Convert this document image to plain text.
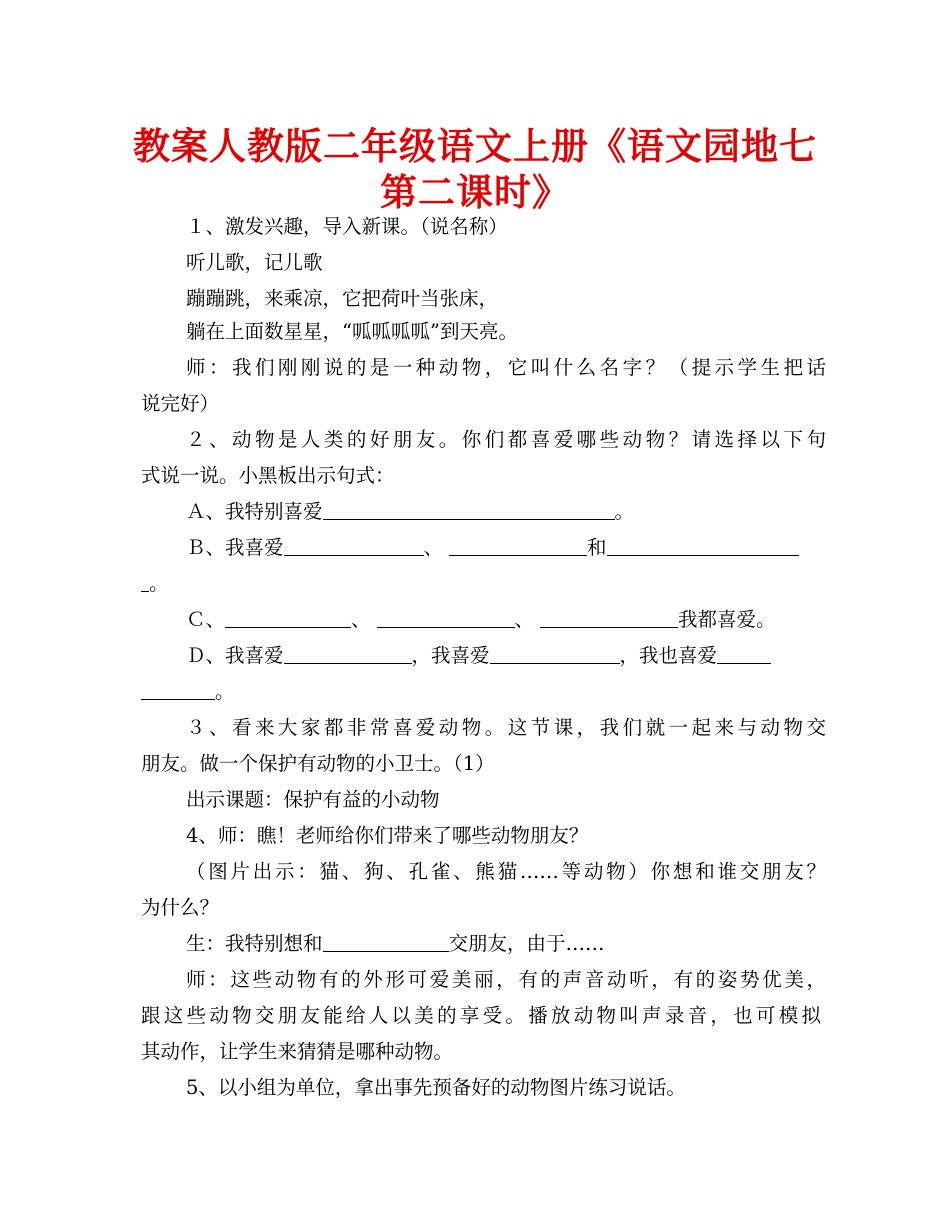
教案人教版二年级语文上册《语文园地七
第二课时》

１、激发兴趣，导入新课。（说名称）

听儿歌，记儿歌

蹦蹦跳，来乘凉，它把荷叶当张床，

躺在上面数星星，“呱呱呱呱”到天亮。

师：我们刚刚说的是一种动物，它叫什么名字？（提示学生把话

说完好）

２、动物是人类的好朋友。你们都喜爱哪些动物？请选择以下句

式说一说。小黑板出示句式：

Ａ、我特别喜爱	。

Ｂ、我喜爱	、	和

。

Ｃ、	、	、	我都喜爱。

Ｄ、我喜爱	，我喜爱	，我也喜爱

。

３、看来大家都非常喜爱动物。这节课，我们就一起来与动物交

朋友。做一个保护有动物的小卫士。（1）

出示课题：保护有益的小动物

4、师：瞧！老师给你们带来了哪些动物朋友？

（图片出示：猫、狗、孔雀、熊猫……等动物）你想和谁交朋友？

为什么？

生：我特别想和	交朋友，由于……

师：这些动物有的外形可爱美丽，有的声音动听，有的姿势优美，

跟这些动物交朋友能给人以美的享受。播放动物叫声录音，也可模拟

其动作，让学生来猜猜是哪种动物。

5、以小组为单位，拿出事先预备好的动物图片练习说话。
